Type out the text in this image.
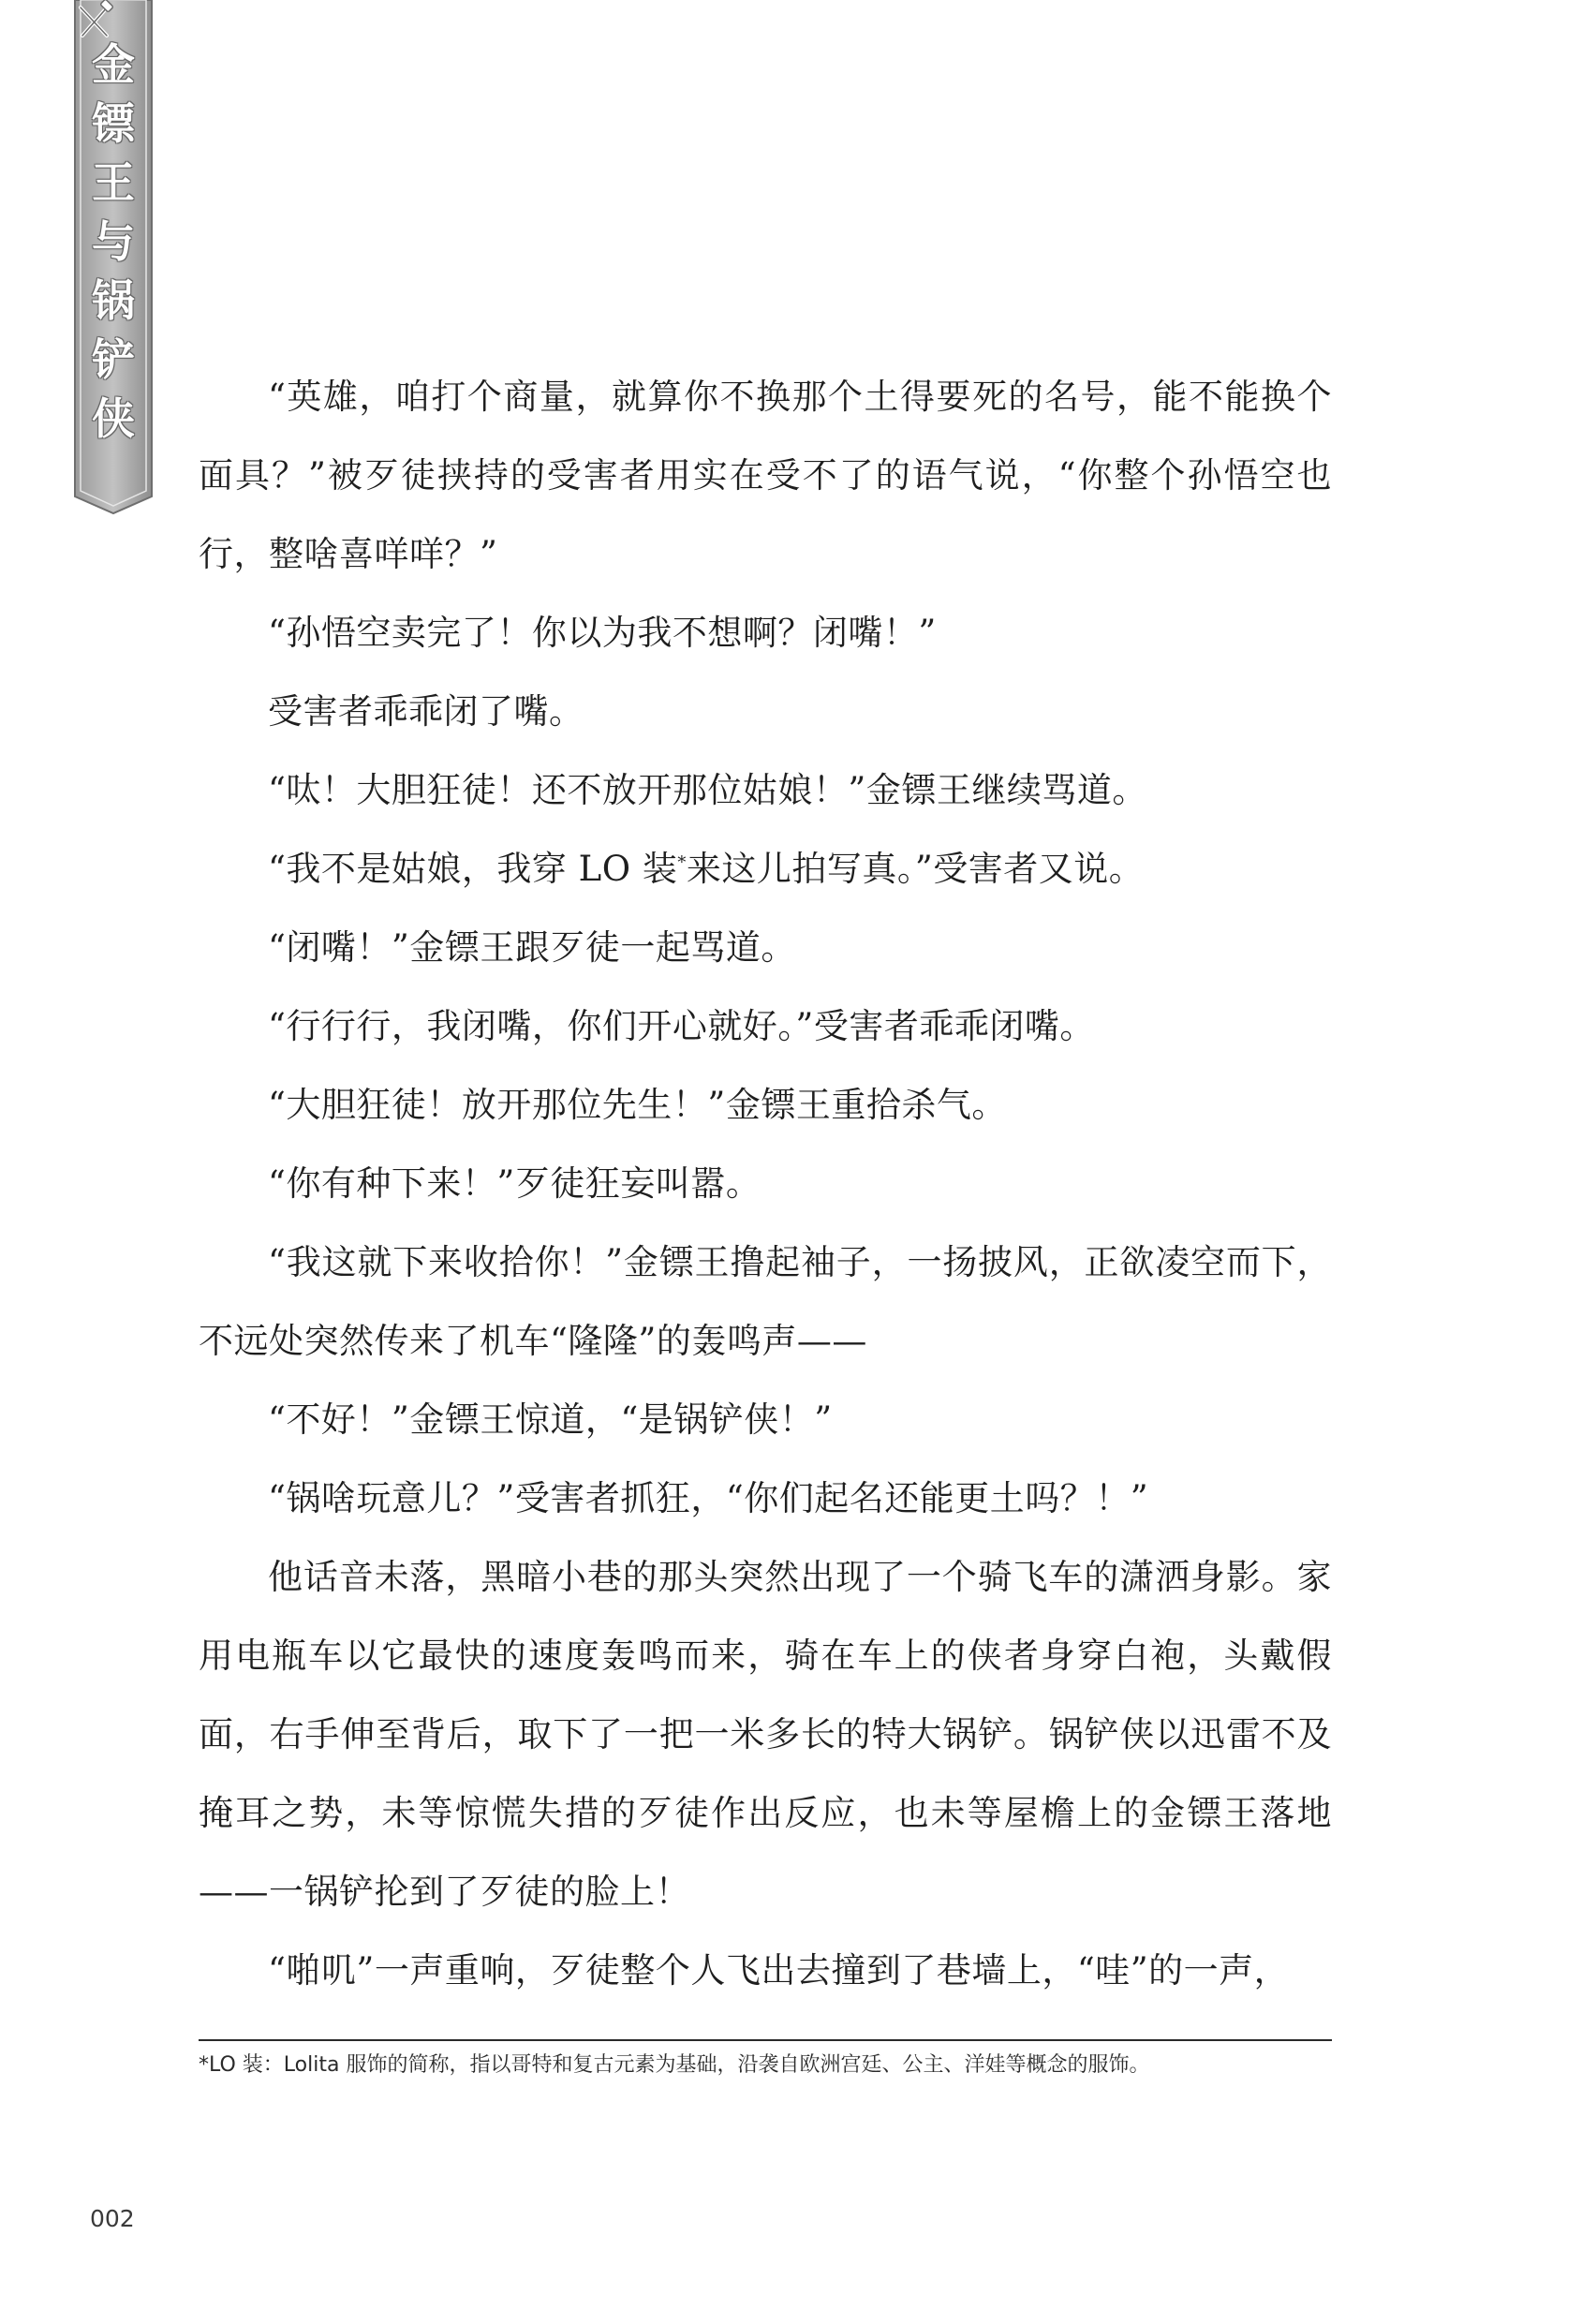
金
镖
王
与
锅
铲
侠	“英雄，咱打个商量，就算你不换那个土得要死的名号，能不能换个面具？”被歹徒挟持的受害者用实在受不了的语气说，“你整个孙悟空也行，整啥喜咩咩？”

“孙悟空卖完了！你以为我不想啊？闭嘴！”

受害者乖乖闭了嘴。

“呔！大胆狂徒！还不放开那位姑娘！”金镖王继续骂道。

“我不是姑娘，我穿 LO 装*来这儿拍写真。”受害者又说。

“闭嘴！”金镖王跟歹徒一起骂道。

“行行行，我闭嘴，你们开心就好。”受害者乖乖闭嘴。

“大胆狂徒！放开那位先生！”金镖王重拾杀气。

“你有种下来！”歹徒狂妄叫嚣。

“我这就下来收拾你！”金镖王撸起袖子，一扬披风，正欲凌空而下，不远处突然传来了机车“隆隆”的轰鸣声——

“不好！”金镖王惊道，“是锅铲侠！”

“锅啥玩意儿？”受害者抓狂，“你们起名还能更土吗？！”

他话音未落，黑暗小巷的那头突然出现了一个骑飞车的潇洒身影。家用电瓶车以它最快的速度轰鸣而来，骑在车上的侠者身穿白袍，头戴假面，右手伸至背后，取下了一把一米多长的特大锅铲。锅铲侠以迅雷不及掩耳之势，未等惊慌失措的歹徒作出反应，也未等屋檐上的金镖王落地——一锅铲抡到了歹徒的脸上！

“啪叽”一声重响，歹徒整个人飞出去撞到了巷墙上，“哇”的一声，

*LO 装：Lolita 服饰的简称，指以哥特和复古元素为基础，沿袭自欧洲宫廷、公主、洋娃等概念的服饰。
002
